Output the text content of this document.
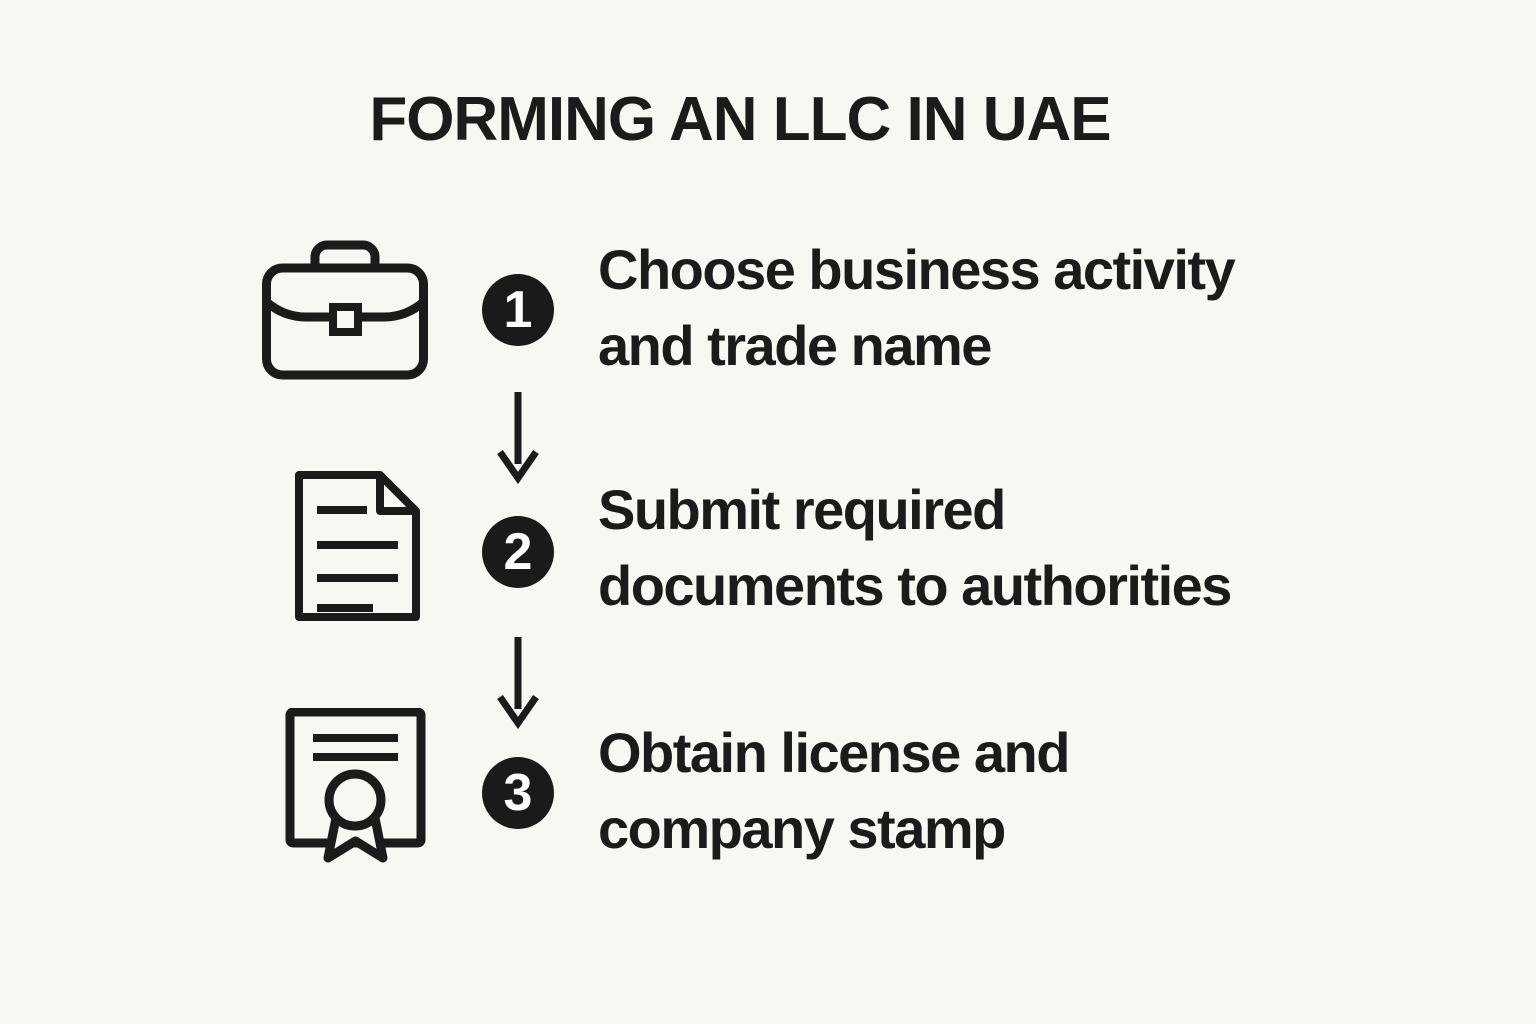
FORMING AN LLC IN UAE
1
Choose business activity
and trade name
2
Submit required
documents to authorities
3
Obtain license and
company stamp
